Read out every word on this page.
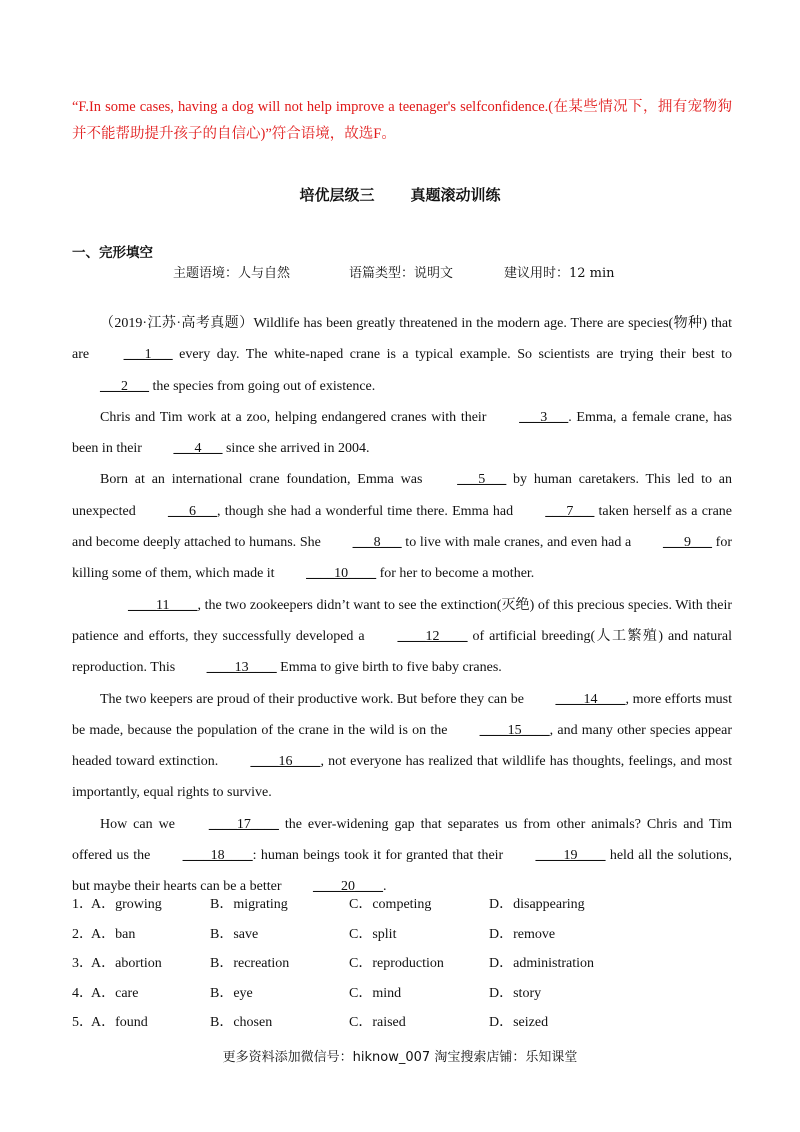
“F.In some cases, having a dog will not help improve a teenager's selfconfidence.(在某些情况下，拥有宠物狗并不能帮助提升孩子的自信心)”符合语境，故选F。
培优层级三 真题滚动训练
一、完形填空
主题语境：人与自然	语篇类型：说明文	建议用时：12 min

（2019·江苏·高考真题）Wildlife has been greatly threatened in the modern age. There are species(物种) that are ___1___ every day. The white-naped crane is a typical example. So scientists are trying their best to ___2___ the species from going out of existence.

Chris and Tim work at a zoo, helping endangered cranes with their ___3___. Emma, a female crane, has been in their ___4___ since she arrived in 2004.

Born at an international crane foundation, Emma was ___5___ by human caretakers. This led to an unexpected ___6___, though she had a wonderful time there. Emma had ___7___ taken herself as a crane and become deeply attached to humans. She ___8___ to live with male cranes, and even had a ___9___ for killing some of them, which made it ____10____ for her to become a mother.

____11____, the two zookeepers didn’t want to see the extinction(灭绝) of this precious species. With their patience and efforts, they successfully developed a ____12____ of artificial breeding(人工繁殖) and natural reproduction. This ____13____ Emma to give birth to five baby cranes.

The two keepers are proud of their productive work. But before they can be ____14____, more efforts must be made, because the population of the crane in the wild is on the ____15____, and many other species appear headed toward extinction. ____16____, not everyone has realized that wildlife has thoughts, feelings, and most importantly, equal rights to survive.

How can we ____17____ the ever-widening gap that separates us from other animals? Chris and Tim offered us the ____18____: human beings took it for granted that their ____19____ held all the solutions, but maybe their hearts can be a better ____20____.

1．
A．growing	B．migrating	C．competing	D．disappearing
2．
A．ban	B．save	C．split	D．remove
3．
A．abortion	B．recreation	C．reproduction	D．administration
4．
A．care	B．eye	C．mind	D．story
5．
A．found	B．chosen	C．raised	D．seized
更多资料添加微信号：hiknow_007 淘宝搜索店铺：乐知课堂
